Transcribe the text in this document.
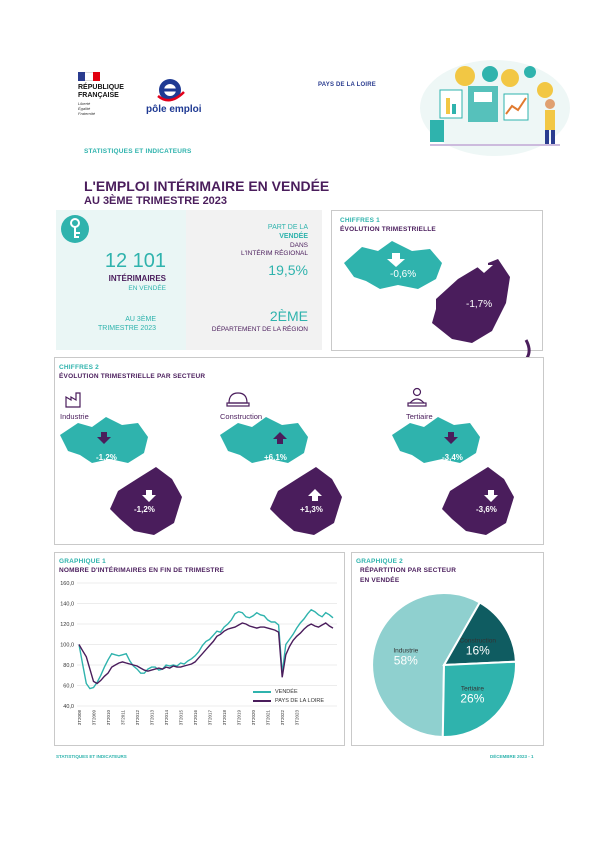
RÉPUBLIQUE
FRANÇAISE
Liberté
Égalité
Fraternité	pôle emploi
PAYS DE LA LOIRE
STATISTIQUES ET INDICATEURS
L'EMPLOI INTÉRIMAIRE EN VENDÉE
AU 3ÈME TRIMESTRE 2023
12 101
INTÉRIMAIRES
EN VENDÉE
AU 3ÈME
TRIMESTRE 2023
PART DE LA
VENDÉE
DANS
L'INTÉRIM RÉGIONAL
19,5%
2ÈME
DÉPARTEMENT DE LA RÉGION
CHIFFRES 1
ÉVOLUTION TRIMESTRIELLE
-0,6%
-1,7%
CHIFFRES 2
ÉVOLUTION TRIMESTRIELLE PAR SECTEUR
Industrie
-1,2%
-1,2%
Construction
+6,1%
+1,3%
Tertiaire
-3,4%
-3,6%
GRAPHIQUE 1
NOMBRE D'INTÉRIMAIRES EN FIN DE TRIMESTRE
160,0
140,0
120,0
100,0
80,0
60,0
40,0
3T2008 3T2009 3T2010 3T2011 3T2012 3T2013 3T2014 3T2015 3T2016 3T2017 3T2018 3T2019 3T2020 3T2021 3T2022 3T2023
VENDÉE
PAYS DE LA LOIRE
GRAPHIQUE 2
RÉPARTITION PAR SECTEUR
EN VENDÉE
Industrie
58%
Construction
16%
Tertiaire
26%
STATISTIQUES ET INDICATEURS	DÉCEMBRE 2023 - 1
